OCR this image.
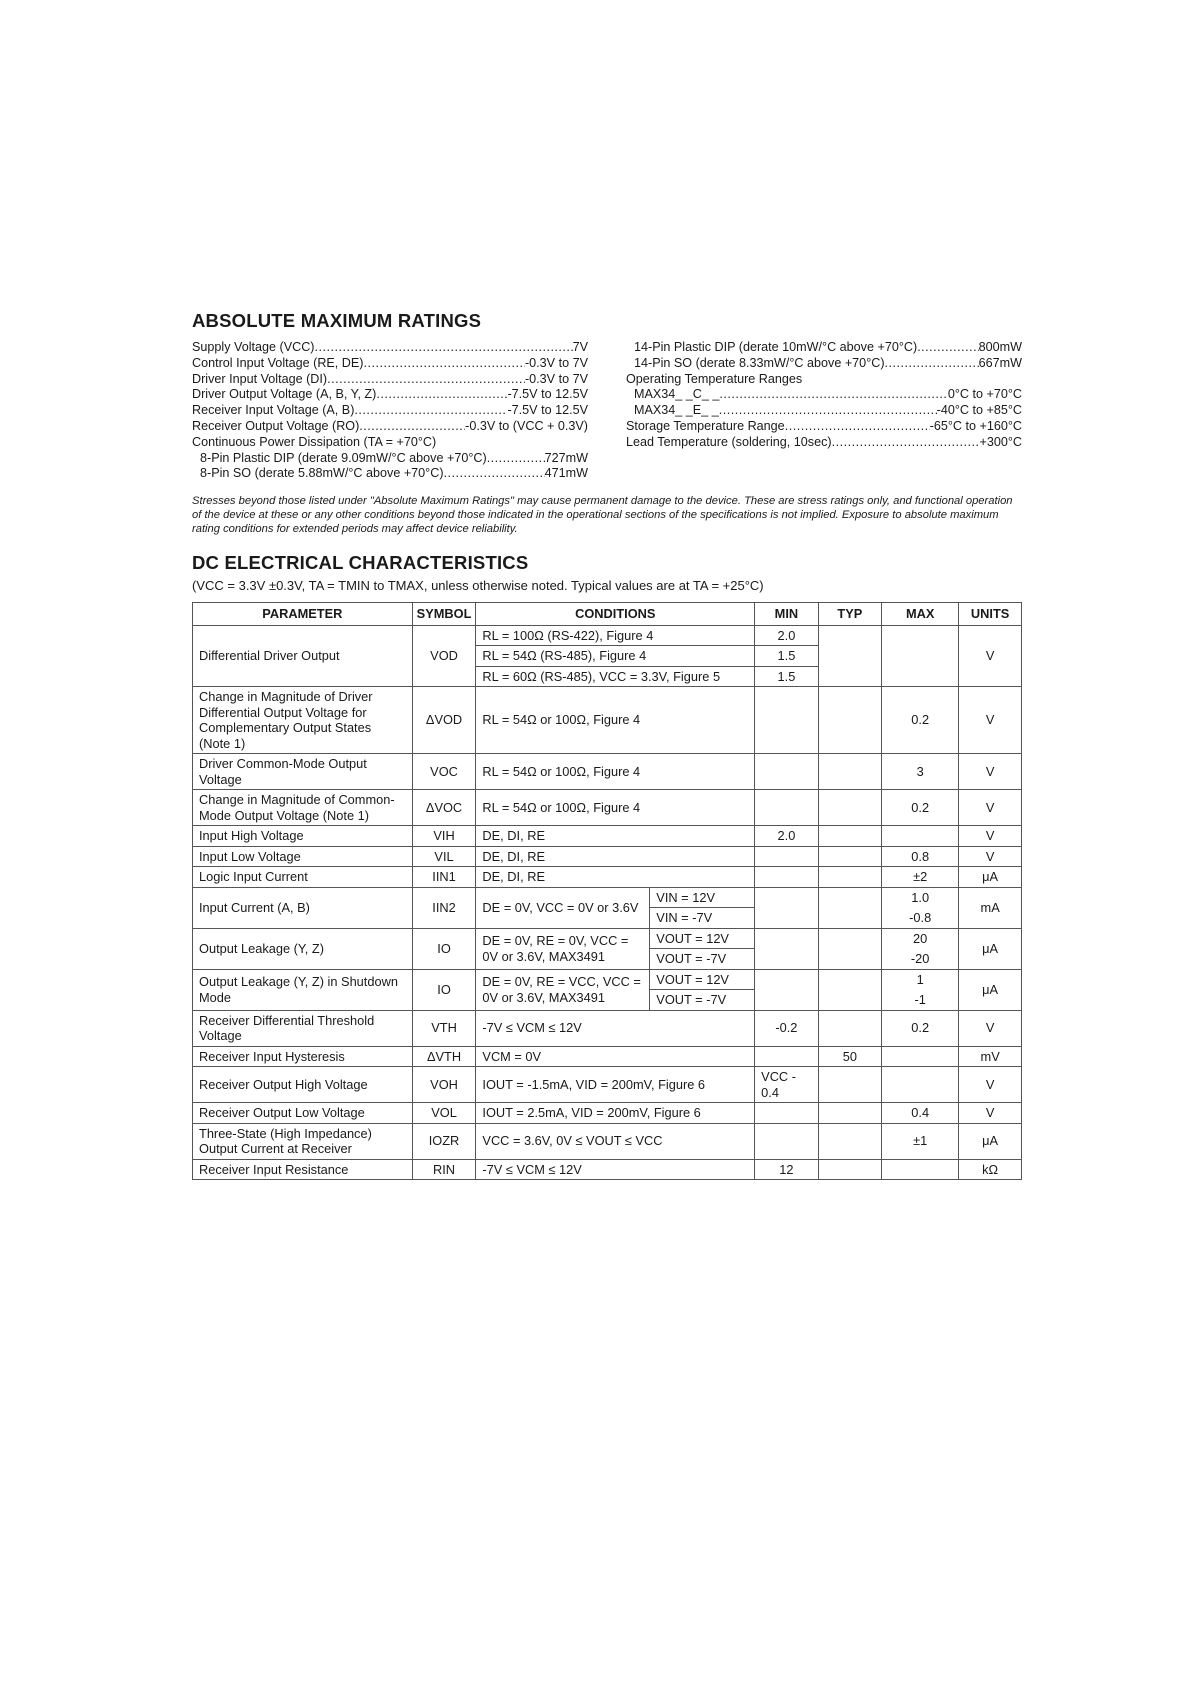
ABSOLUTE MAXIMUM RATINGS
Supply Voltage (VCC) .....	7V
Control Input Voltage (RE, DE) .....	-0.3V to 7V
Driver Input Voltage (DI) .....	-0.3V to 7V
Driver Output Voltage (A, B, Y, Z) .....	-7.5V to 12.5V
Receiver Input Voltage (A, B) .....	-7.5V to 12.5V
Receiver Output Voltage (RO) .....	-0.3V to (VCC + 0.3V)
Continuous Power Dissipation (TA = +70°C)
8-Pin Plastic DIP (derate 9.09mW/°C above +70°C) .....	727mW
8-Pin SO (derate 5.88mW/°C above +70°C) .....	471mW
14-Pin Plastic DIP (derate 10mW/°C above +70°C) .....	800mW
14-Pin SO (derate 8.33mW/°C above +70°C) .....	667mW
Operating Temperature Ranges
MAX34_ _C_ _ .....	0°C to +70°C
MAX34_ _E_ _ .....	-40°C to +85°C
Storage Temperature Range .....	-65°C to +160°C
Lead Temperature (soldering, 10sec) .....	+300°C
Stresses beyond those listed under "Absolute Maximum Ratings" may cause permanent damage to the device. These are stress ratings only, and functional operation of the device at these or any other conditions beyond those indicated in the operational sections of the specifications is not implied. Exposure to absolute maximum rating conditions for extended periods may affect device reliability.
DC ELECTRICAL CHARACTERISTICS
(VCC = 3.3V ±0.3V, TA = TMIN to TMAX, unless otherwise noted. Typical values are at TA = +25°C)
PARAMETER	SYMBOL	CONDITIONS		MIN	TYP	MAX	UNITS
Differential Driver Output	VOD	RL = 100Ω (RS-422), Figure 4		2.0			V
		RL = 54Ω (RS-485), Figure 4		1.5			
		RL = 60Ω (RS-485), VCC = 3.3V, Figure 5		1.5			
Change in Magnitude of Driver Differential Output Voltage for Complementary Output States (Note 1)	ΔVOD	RL = 54Ω or 100Ω, Figure 4				0.2	V
Driver Common-Mode Output Voltage	VOC	RL = 54Ω or 100Ω, Figure 4				3	V
Change in Magnitude of Common-Mode Output Voltage (Note 1)	ΔVOC	RL = 54Ω or 100Ω, Figure 4				0.2	V
Input High Voltage	VIH	DE, DI, RE		2.0			V
Input Low Voltage	VIL	DE, DI, RE				0.8	V
Logic Input Current	IIN1	DE, DI, RE				±2	μA
Input Current (A, B)	IIN2	DE = 0V, VCC = 0V or 3.6V	VIN = 12V			1.0	mA
			VIN = -7V			-0.8	
Output Leakage (Y, Z)	IO	DE = 0V, RE = 0V, VCC = 0V or 3.6V, MAX3491	VOUT = 12V			20	μA
			VOUT = -7V			-20	
Output Leakage (Y, Z) in Shutdown Mode	IO	DE = 0V, RE = VCC, VCC = 0V or 3.6V, MAX3491	VOUT = 12V			1	μA
			VOUT = -7V			-1	
Receiver Differential Threshold Voltage	VTH	-7V ≤ VCM ≤ 12V		-0.2		0.2	V
Receiver Input Hysteresis	ΔVTH	VCM = 0V			50		mV
Receiver Output High Voltage	VOH	IOUT = -1.5mA, VID = 200mV, Figure 6		VCC - 0.4			V
Receiver Output Low Voltage	VOL	IOUT = 2.5mA, VID = 200mV, Figure 6				0.4	V
Three-State (High Impedance) Output Current at Receiver	IOZR	VCC = 3.6V, 0V ≤ VOUT ≤ VCC				±1	μA
Receiver Input Resistance	RIN	-7V ≤ VCM ≤ 12V		12			kΩ
